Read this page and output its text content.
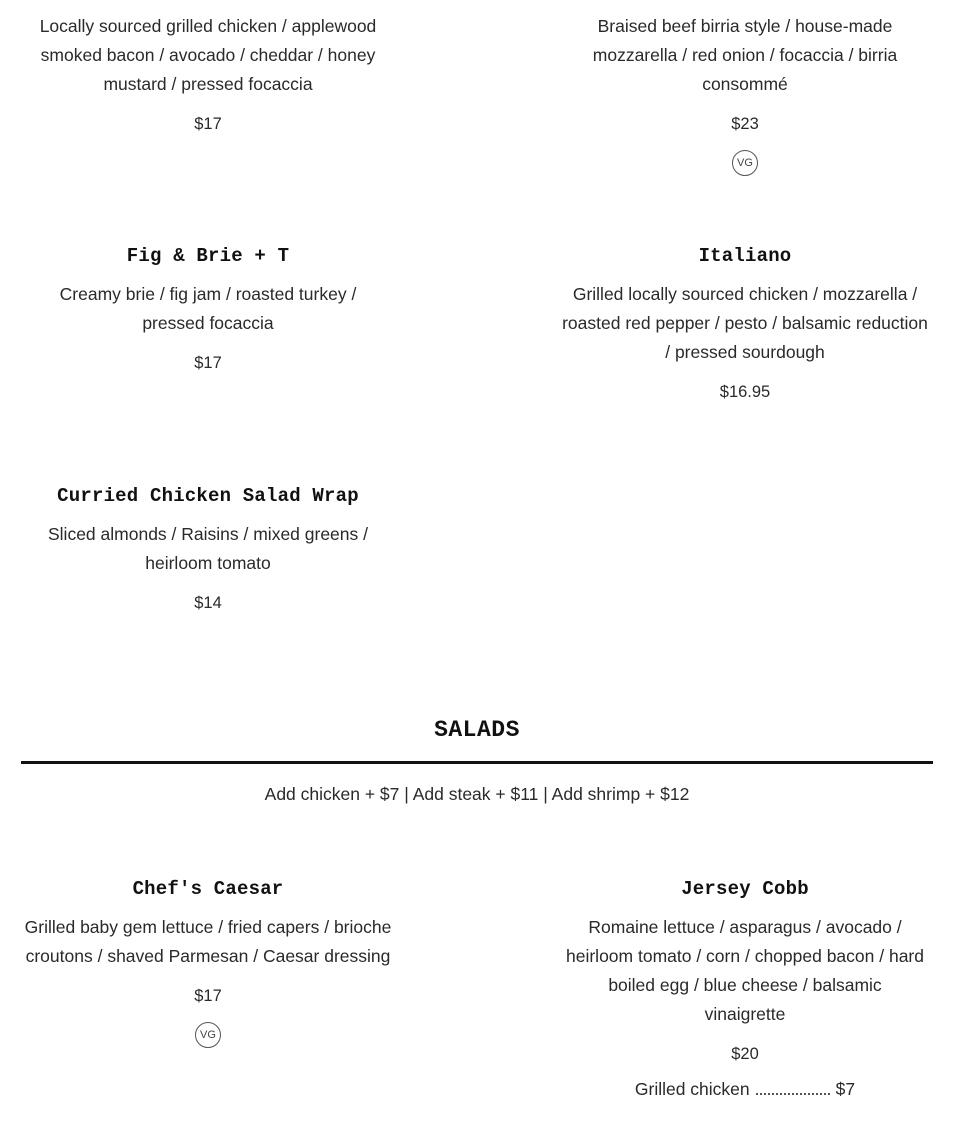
Locally sourced grilled chicken / applewood smoked bacon / avocado / cheddar / honey mustard / pressed focaccia

$17

Braised beef birria style / house-made mozzarella / red onion / focaccia / birria consommé

$23
VG
Fig & Brie + T

Creamy brie / fig jam / roasted turkey / pressed focaccia

$17
Italiano

Grilled locally sourced chicken / mozzarella / roasted red pepper / pesto / balsamic reduction / pressed sourdough

$16.95
Curried Chicken Salad Wrap

Sliced almonds / Raisins / mixed greens / heirloom tomato

$14
SALADS
Add chicken + $7 | Add steak + $11 | Add shrimp + $12
Chef's Caesar

Grilled baby gem lettuce / fried capers / brioche croutons / shaved Parmesan / Caesar dressing

$17
VG
Jersey Cobb

Romaine lettuce / asparagus / avocado / heirloom tomato / corn / chopped bacon / hard boiled egg / blue cheese / balsamic vinaigrette

$20
Grilled chicken	$7
